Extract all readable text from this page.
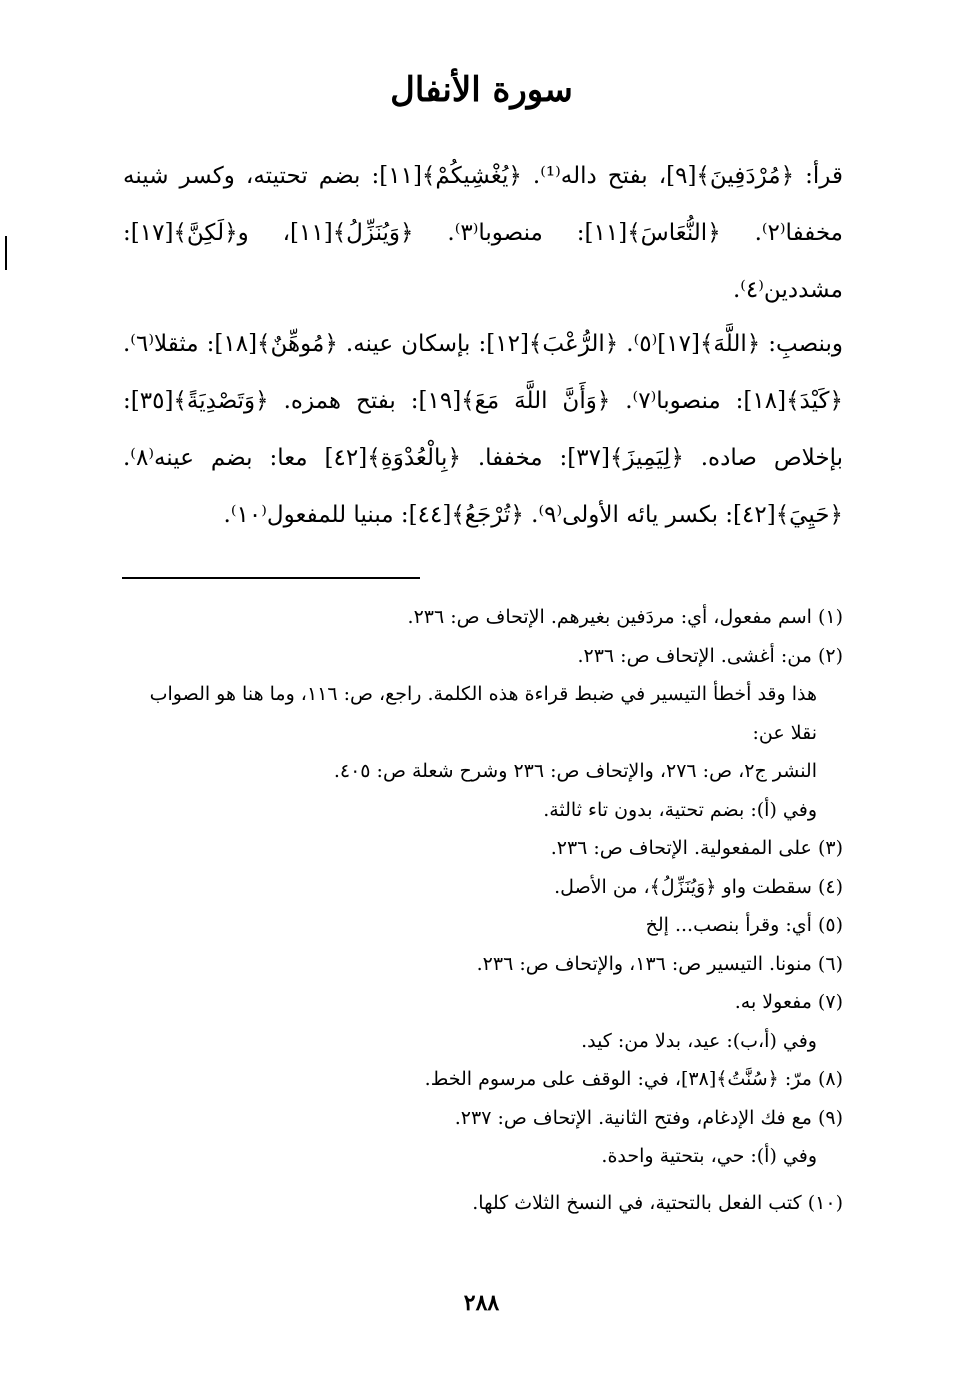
سورة الأنفال
قرأ: ﴿مُرْدَفِينَ﴾[٩]، بفتح داله⁽¹⁾. ﴿يُغْشِيكُمْ﴾[١١]: بضم تحتيته، وكسر شينه مخففا⁽٢⁾. ﴿النُّعَاسَ﴾[١١]: منصوبا⁽٣⁾. ﴿وَيُنَزِّلُ﴾[١١]، و﴿لَكِنَّ﴾[١٧]: مشددين⁽٤⁾.
وبنصبِ: ﴿اللَّهَ﴾[١٧]⁽٥⁾. ﴿الرُّعْبَ﴾[١٢]: بإسكان عينه. ﴿مُوهِّنٌ﴾[١٨]: مثقلا⁽٦⁾. ﴿كَيْدَ﴾[١٨]: منصوبا⁽٧⁾. ﴿وَأَنَّ اللَّهَ مَعَ﴾[١٩]: بفتح همزه. ﴿وَتَصْدِيَةً﴾[٣٥]: بإخلاص صاده. ﴿لِيَمِيزَ﴾[٣٧]: مخففا. ﴿بِالْعُدْوَةِ﴾[٤٢] معا: بضم عينه⁽٨⁾. ﴿حَيِيَ﴾[٤٢]: بكسر يائه الأولى⁽٩⁾. ﴿تُرْجَعُ﴾[٤٤]: مبنيا للمفعول⁽١٠⁾.
(١) اسم مفعول، أي: مردَفين بغيرهم. الإتحاف ص: ٢٣٦.
(٢) من: أغشى. الإتحاف ص: ٢٣٦.
هذا وقد أخطأ التيسير في ضبط قراءة هذه الكلمة. راجع، ص: ١١٦، وما هنا هو الصواب نقلا عن:
النشر ج٢، ص: ٢٧٦، والإتحاف ص: ٢٣٦ وشرح شعلة ص: ٤٠٥.
وفي (أ): بضم تحتية، بدون تاء ثالثة.
(٣) على المفعولية. الإتحاف ص: ٢٣٦.
(٤) سقطت واو ﴿وَيُنَزِّلُ﴾، من الأصل.
(٥) أي: وقرأ بنصب... إلخ
(٦) منونا. التيسير ص: ١٣٦، والإتحاف ص: ٢٣٦.
(٧) مفعولا به.
وفي (أ،ب): عيد، بدلا من: كيد.
(٨) مرّ: ﴿سُنَّتُ﴾[٣٨]، في: الوقف على مرسوم الخط.
(٩) مع فك الإدغام، وفتح الثانية. الإتحاف ص: ٢٣٧.
وفي (أ): حي، بتحتية واحدة.
(١٠) كتب الفعل بالتحتية، في النسخ الثلاث كلها.
٢٨٨
